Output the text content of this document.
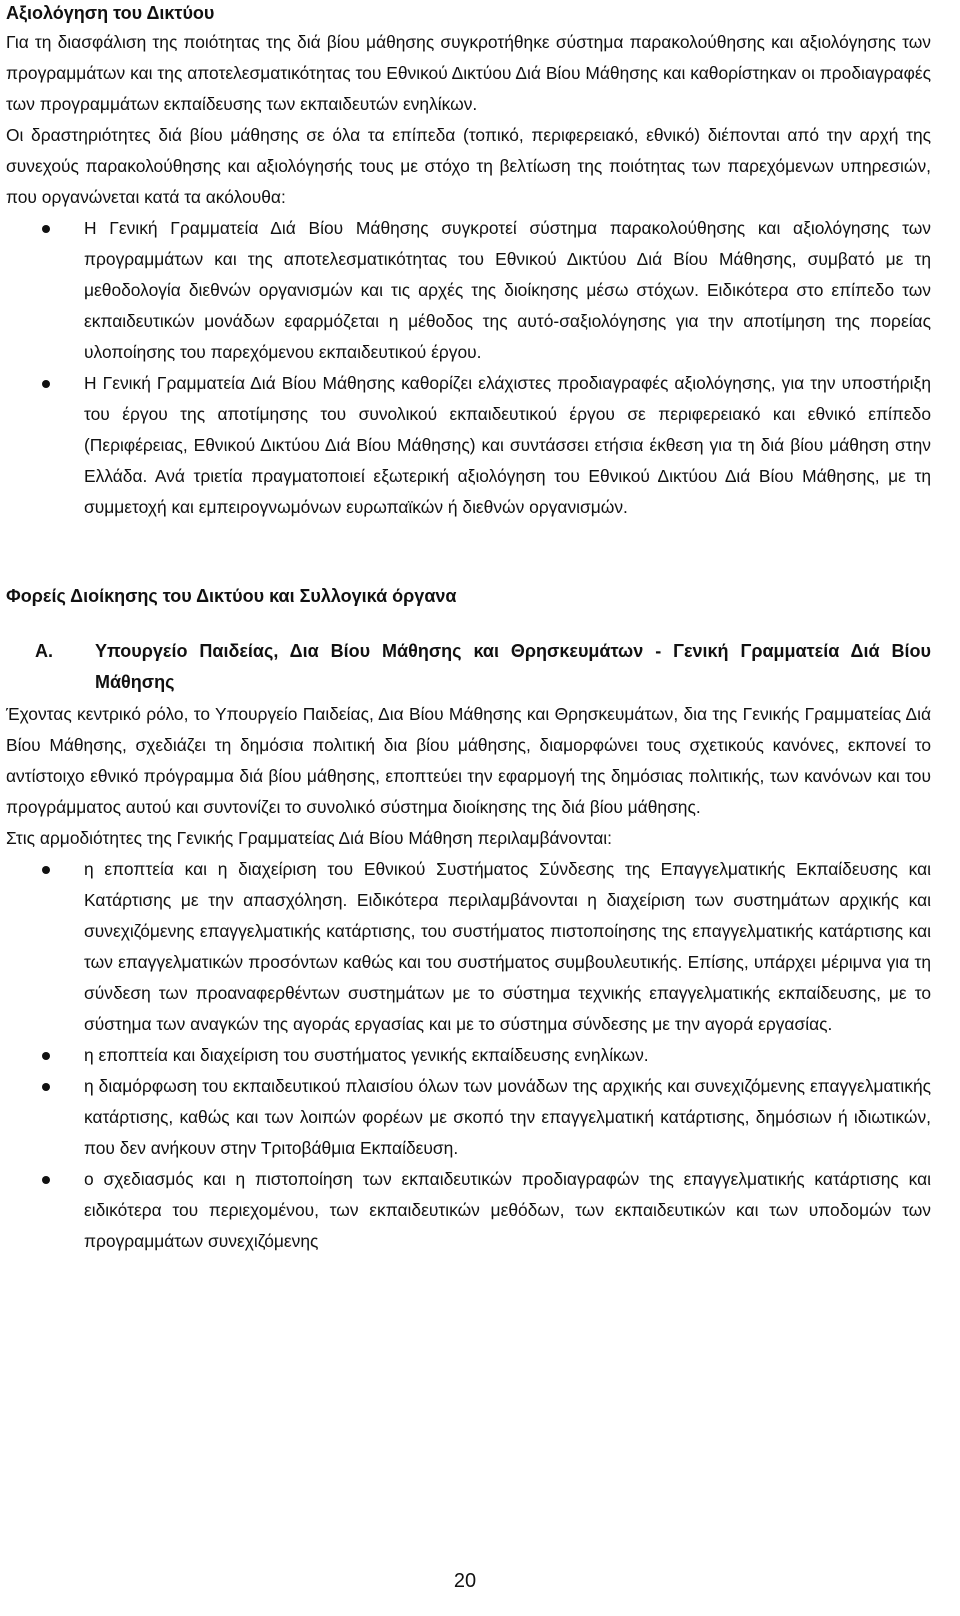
Αξιολόγηση του Δικτύου

Για τη διασφάλιση της ποιότητας της διά βίου μάθησης συγκροτήθηκε σύστημα παρακολούθησης και αξιολόγησης των προγραμμάτων και της αποτελεσματικότητας του Εθνικού Δικτύου Διά Βίου Μάθησης και καθορίστηκαν οι προδιαγραφές των προγραμμάτων εκπαίδευσης των εκπαιδευτών ενηλίκων.

Οι δραστηριότητες διά βίου μάθησης σε όλα τα επίπεδα (τοπικό, περιφερειακό, εθνικό) διέπονται από την αρχή της συνεχούς παρακολούθησης και αξιολόγησής τους με στόχο τη βελτίωση της ποιότητας των παρεχόμενων υπηρεσιών, που οργανώνεται κατά τα ακόλουθα:

Η Γενική Γραμματεία Διά Βίου Μάθησης συγκροτεί σύστημα παρακολούθησης και αξιολόγησης των προγραμμάτων και της αποτελεσματικότητας του Εθνικού Δικτύου Διά Βίου Μάθησης, συμβατό με τη μεθοδολογία διεθνών οργανισμών και τις αρχές της διοίκησης μέσω στόχων. Ειδικότερα στο επίπεδο των εκπαιδευτικών μονάδων εφαρμόζεται η μέθοδος της αυτό-σαξιολόγησης για την αποτίμηση της πορείας υλοποίησης του παρεχόμενου εκπαιδευτικού έργου.
Η Γενική Γραμματεία Διά Βίου Μάθησης καθορίζει ελάχιστες προδιαγραφές αξιολόγησης, για την υποστήριξη του έργου της αποτίμησης του συνολικού εκπαιδευτικού έργου σε περιφερειακό και εθνικό επίπεδο (Περιφέρειας, Εθνικού Δικτύου Διά Βίου Μάθησης) και συντάσσει ετήσια έκθεση για τη διά βίου μάθηση στην Ελλάδα. Ανά τριετία πραγματοποιεί εξωτερική αξιολόγηση του Εθνικού Δικτύου Διά Βίου Μάθησης, με τη συμμετοχή και εμπειρογνωμόνων ευρωπαϊκών ή διεθνών οργανισμών.
Φορείς Διοίκησης του Δικτύου και Συλλογικά όργανα
Α.	Υπουργείο Παιδείας, Δια Βίου Μάθησης και Θρησκευμάτων - Γενική Γραμματεία Διά Βίου Μάθησης

Έχοντας κεντρικό ρόλο, το Υπουργείο Παιδείας, Δια Βίου Μάθησης και Θρησκευμάτων, δια της Γενικής Γραμματείας Διά Βίου Μάθησης, σχεδιάζει τη δημόσια πολιτική δια βίου μάθησης, διαμορφώνει τους σχετικούς κανόνες, εκπονεί το αντίστοιχο εθνικό πρόγραμμα διά βίου μάθησης, εποπτεύει την εφαρμογή της δημόσιας πολιτικής, των κανόνων και του προγράμματος αυτού και συντονίζει το συνολικό σύστημα διοίκησης της διά βίου μάθησης.

Στις αρμοδιότητες της Γενικής Γραμματείας Διά Βίου Μάθηση περιλαμβάνονται:

η εποπτεία και η διαχείριση του Εθνικού Συστήματος Σύνδεσης της Επαγγελματικής Εκπαίδευσης και Κατάρτισης με την απασχόληση. Ειδικότερα περιλαμβάνονται η διαχείριση των συστημάτων αρχικής και συνεχιζόμενης επαγγελματικής κατάρτισης, του συστήματος πιστοποίησης της επαγγελματικής κατάρτισης και των επαγγελματικών προσόντων καθώς και του συστήματος συμβουλευτικής. Επίσης, υπάρχει μέριμνα για τη σύνδεση των προαναφερθέντων συστημάτων με το σύστημα τεχνικής επαγγελματικής εκπαίδευσης, με το σύστημα των αναγκών της αγοράς εργασίας και με το σύστημα σύνδεσης με την αγορά εργασίας.
η εποπτεία και διαχείριση του συστήματος γενικής εκπαίδευσης ενηλίκων.
η διαμόρφωση του εκπαιδευτικού πλαισίου όλων των μονάδων της αρχικής και συνεχιζόμενης επαγγελματικής κατάρτισης, καθώς και των λοιπών φορέων με σκοπό την επαγγελματική κατάρτισης, δημόσιων ή ιδιωτικών, που δεν ανήκουν στην Τριτοβάθμια Εκπαίδευση.
ο σχεδιασμός και η πιστοποίηση των εκπαιδευτικών προδιαγραφών της επαγγελματικής κατάρτισης και ειδικότερα του περιεχομένου, των εκπαιδευτικών μεθόδων, των εκπαιδευτικών και των υποδομών των προγραμμάτων συνεχιζόμενης
20
